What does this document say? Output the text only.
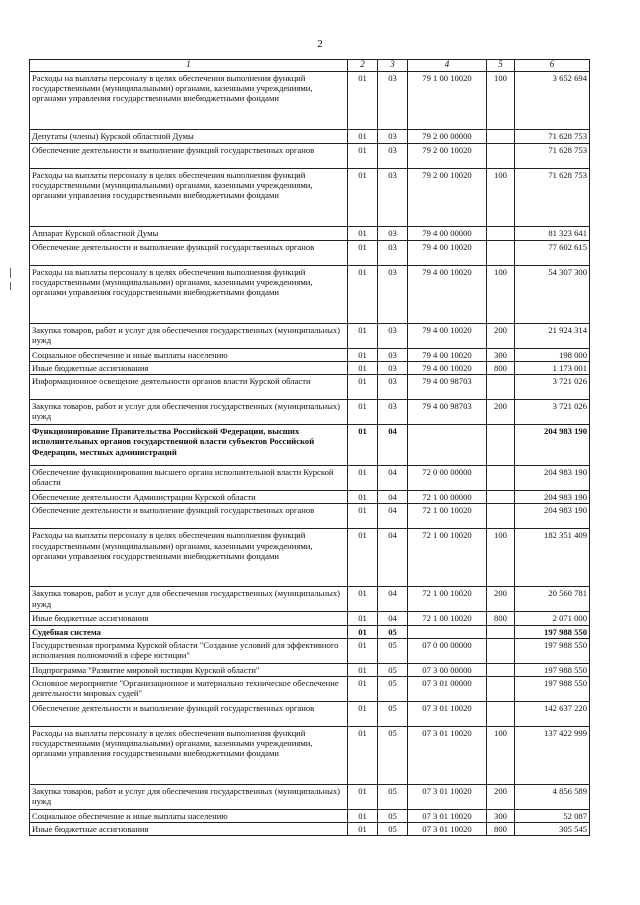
2
1	2	3	4	5	6
Расходы на выплаты персоналу в целях обеспечения выполнения функций государственными (муниципальными) органами, казенными учреждениями, органами управления государственными внебюджетными фондами	01	03	79 1 00 10020	100	3 652 694
Депутаты (члены) Курской областной Думы	01	03	79 2 00 00000		71 628 753
Обеспечение деятельности и выполнение функций государственных органов	01	03	79 2 00 10020		71 628 753
Расходы на выплаты персоналу в целях обеспечения выполнения функций государственными (муниципальными) органами, казенными учреждениями, органами управления государственными внебюджетными фондами	01	03	79 2 00 10020	100	71 628 753
Аппарат Курской областной Думы	01	03	79 4 00 00000		81 323 641
Обеспечение деятельности и выполнение функций государственных органов	01	03	79 4 00 10020		77 602 615
Расходы на выплаты персоналу в целях обеспечения выполнения функций государственными (муниципальными) органами, казенными учреждениями, органами управления государственными внебюджетными фондами	01	03	79 4 00 10020	100	54 307 300
Закупка товаров, работ и услуг для обеспечения государственных (муниципальных) нужд	01	03	79 4 00 10020	200	21 924 314
Социальное обеспечение и иные выплаты населению	01	03	79 4 00 10020	300	198 000
Иные бюджетные ассигнования	01	03	79 4 00 10020	800	1 173 001
Информационное освещение деятельности органов власти Курской области	01	03	79 4 00 98703		3 721 026
Закупка товаров, работ и услуг для обеспечения государственных (муниципальных) нужд	01	03	79 4 00 98703	200	3 721 026
Функционирование Правительства Российской Федерации, высших исполнительных органов государственной власти субъектов Российской Федерации, местных администраций	01	04			204 983 190
Обеспечение функционирования высшего органа исполнительной власти Курской области	01	04	72 0 00 00000		204 983 190
Обеспечение деятельности Администрации Курской области	01	04	72 1 00 00000		204 983 190
Обеспечение деятельности и выполнение функций государственных органов	01	04	72 1 00 10020		204 983 190
Расходы на выплаты персоналу в целях обеспечения выполнения функций государственными (муниципальными) органами, казенными учреждениями, органами управления государственными внебюджетными фондами	01	04	72 1 00 10020	100	182 351 409
Закупка товаров, работ и услуг для обеспечения государственных (муниципальных) нужд	01	04	72 1 00 10020	200	20 560 781
Иные бюджетные ассигнования	01	04	72 1 00 10020	800	2 071 000
Судебная система	01	05			197 988 550
Государственная программа Курской области "Создание условий для эффективного исполнения полномочий в сфере юстиции"	01	05	07 0 00 00000		197 988 550
Подпрограмма "Развитие мировой юстиции Курской области"	01	05	07 3 00 00000		197 988 550
Основное мероприятие "Организационное и материально техническое обеспечение деятельности мировых судей"	01	05	07 3 01 00000		197 988 550
Обеспечение деятельности и выполнение функций государственных органов	01	05	07 3 01 10020		142 637 220
Расходы на выплаты персоналу в целях обеспечения выполнения функций государственными (муниципальными) органами, казенными учреждениями, органами управления государственными внебюджетными фондами	01	05	07 3 01 10020	100	137 422 999
Закупка товаров, работ и услуг для обеспечения государственных (муниципальных) нужд	01	05	07 3 01 10020	200	4 856 589
Социальное обеспечение и иные выплаты населению	01	05	07 3 01 10020	300	52 087
Иные бюджетные ассигнования	01	05	07 3 01 10020	800	305 545
